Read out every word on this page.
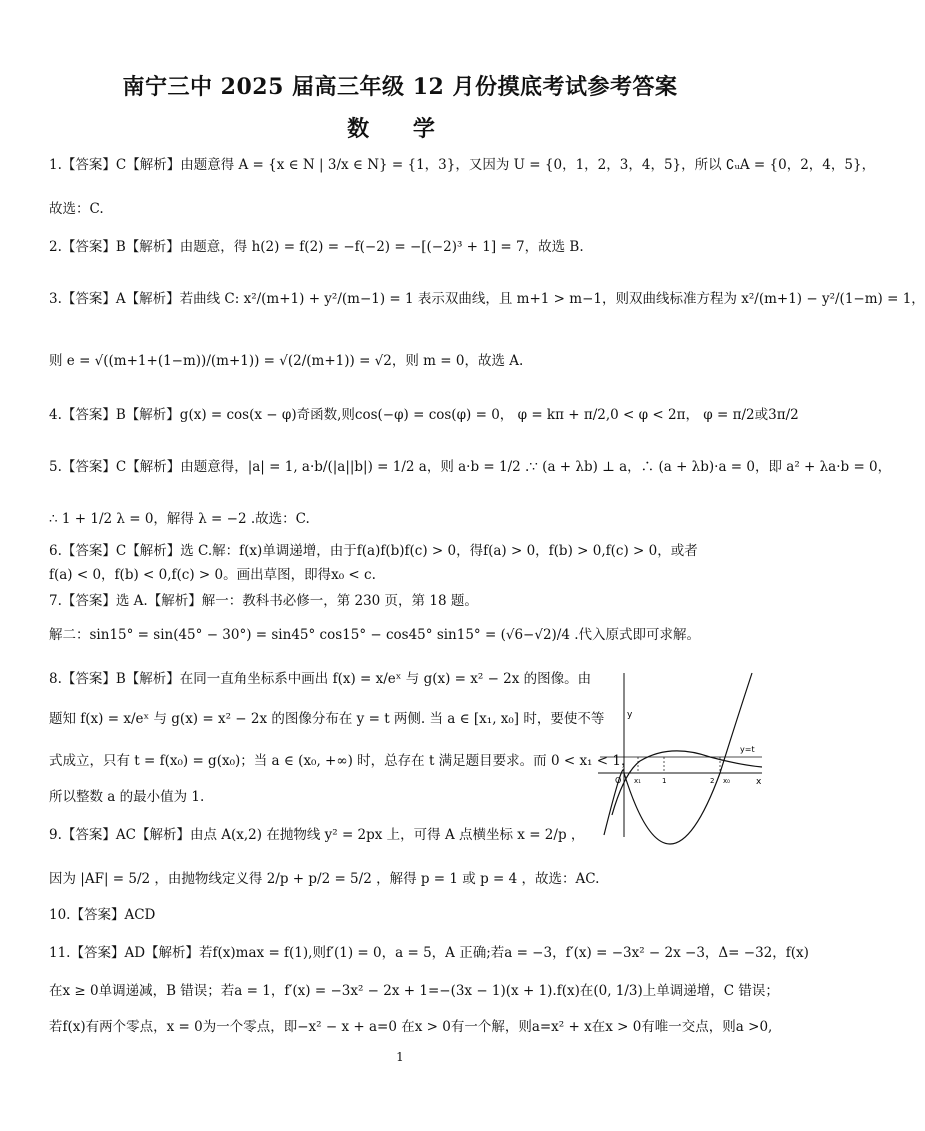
南宁三中 2025 届高三年级 12 月份摸底考试参考答案
数 学
1.【答案】C【解析】由题意得 A = {x ∈ N | 3/x ∈ N} = {1，3}，又因为 U = {0，1，2，3，4，5}，所以 ∁ᵤA = {0，2，4，5}，
故选：C.
2.【答案】B【解析】由题意，得 h(2) = f(2) = −f(−2) = −[(−2)³ + 1] = 7，故选 B.
3.【答案】A【解析】若曲线 C: x²/(m+1) + y²/(m−1) = 1 表示双曲线，且 m+1 > m−1，则双曲线标准方程为 x²/(m+1) − y²/(1−m) = 1，
则 e = √((m+1+(1−m))/(m+1)) = √(2/(m+1)) = √2，则 m = 0，故选 A.
4.【答案】B【解析】g(x) = cos(x − φ)奇函数,则cos(−φ) = cos(φ) = 0， φ = kπ + π/2,0 < φ < 2π， φ = π/2或3π/2
5.【答案】C【解析】由题意得，|a| = 1, a·b/(|a||b|) = 1/2 a，则 a·b = 1/2 .∵ (a + λb) ⊥ a，∴ (a + λb)·a = 0，即 a² + λa·b = 0，
∴ 1 + 1/2 λ = 0，解得 λ = −2 .故选：C.
6.【答案】C【解析】选 C.解：f(x)单调递增，由于f(a)f(b)f(c) > 0，得f(a) > 0，f(b) > 0,f(c) > 0，或者
f(a) < 0，f(b) < 0,f(c) > 0。画出草图，即得x₀ < c.
7.【答案】选 A.【解析】解一：教科书必修一，第 230 页，第 18 题。
解二：sin15° = sin(45° − 30°) = sin45° cos15° − cos45° sin15° = (√6−√2)/4 .代入原式即可求解。
8.【答案】B【解析】在同一直角坐标系中画出 f(x) = x/eˣ 与 g(x) = x² − 2x 的图像。由
题知 f(x) = x/eˣ 与 g(x) = x² − 2x 的图像分布在 y = t 两侧. 当 a ∈ [x₁, x₀] 时，要使不等
式成立，只有 t = f(x₀) = g(x₀)；当 a ∈ (x₀, +∞) 时，总存在 t 满足题目要求。而 0 < x₁ < 1，
所以整数 a 的最小值为 1.
y
x
y=t
O x₁	1	2 x₀
9.【答案】AC【解析】由点 A(x,2) 在抛物线 y² = 2px 上，可得 A 点横坐标 x = 2/p ，
因为 |AF| = 5/2 ，由抛物线定义得 2/p + p/2 = 5/2 ，解得 p = 1 或 p = 4 ，故选：AC.
10.【答案】ACD
11.【答案】AD【解析】若f(x)max = f(1),则f′(1) = 0，a = 5，A 正确;若a = −3，f′(x) = −3x² − 2x −3，Δ= −32，f(x)
在x ≥ 0单调递减，B 错误；若a = 1，f′(x) = −3x² − 2x + 1=−(3x − 1)(x + 1).f(x)在(0, 1/3)上单调递增，C 错误；
若f(x)有两个零点，x = 0为一个零点，即−x² − x + a=0 在x > 0有一个解，则a=x² + x在x > 0有唯一交点，则a >0,
1
